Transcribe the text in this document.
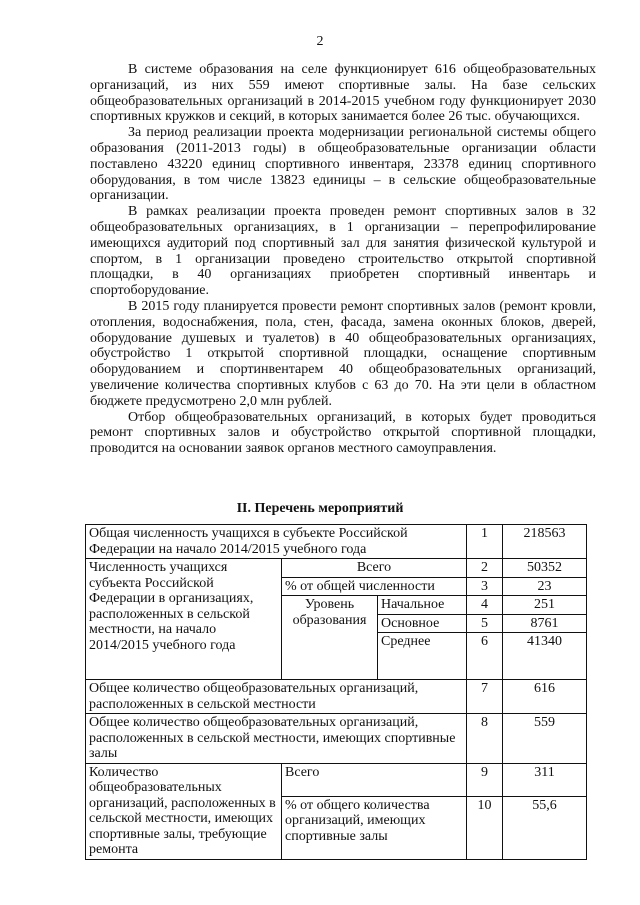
2

В системе образования на селе функционирует 616 общеобразовательных организаций, из них 559 имеют спортивные залы. На базе сельских общеобразовательных организаций в 2014-2015 учебном году функционирует 2030 спортивных кружков и секций, в которых занимается более 26 тыс. обучающихся.

За период реализации проекта модернизации региональной системы общего образования (2011-2013 годы) в общеобразовательные организации области поставлено 43220 единиц спортивного инвентаря, 23378 единиц спортивного оборудования, в том числе 13823 единицы – в сельские общеобразовательные организации.

В рамках реализации проекта проведен ремонт спортивных залов в 32 общеобразовательных организациях, в 1 организации – перепрофилирование имеющихся аудиторий под спортивный зал для занятия физической культурой и спортом, в 1 организации проведено строительство открытой спортивной площадки, в 40 организациях приобретен спортивный инвентарь и спортоборудование.

В 2015 году планируется провести ремонт спортивных залов (ремонт кровли, отопления, водоснабжения, пола, стен, фасада, замена оконных блоков, дверей, оборудование душевых и туалетов) в 40 общеобразовательных организациях, обустройство 1 открытой спортивной площадки, оснащение спортивным оборудованием и спортинвентарем 40 общеобразовательных организаций, увеличение количества спортивных клубов с 63 до 70. На эти цели в областном бюджете предусмотрено 2,0 млн рублей.

Отбор общеобразовательных организаций, в которых будет проводиться ремонт спортивных залов и обустройство открытой спортивной площадки, проводится на основании заявок органов местного самоуправления.

II. Перечень мероприятий
Общая численность учащихся в субъекте Российской Федерации на начало 2014/2015 учебного года			1	218563
Численность учащихся субъекта Российской Федерации в организациях, расположенных в сельской местности, на начало 2014/2015 учебного года	Всего		2	50352
	% от общей численности		3	23
	Уровень образования	Начальное	4	251
		Основное	5	8761
		Среднее	6	41340
Общее количество общеобразовательных организаций, расположенных в сельской местности			7	616
Общее количество общеобразовательных организаций, расположенных в сельской местности, имеющих спортивные залы			8	559
Количество общеобразовательных организаций, расположенных в сельской местности, имеющих спортивные залы, требующие ремонта	Всего		9	311
	% от общего количества организаций, имеющих спортивные залы		10	55,6
